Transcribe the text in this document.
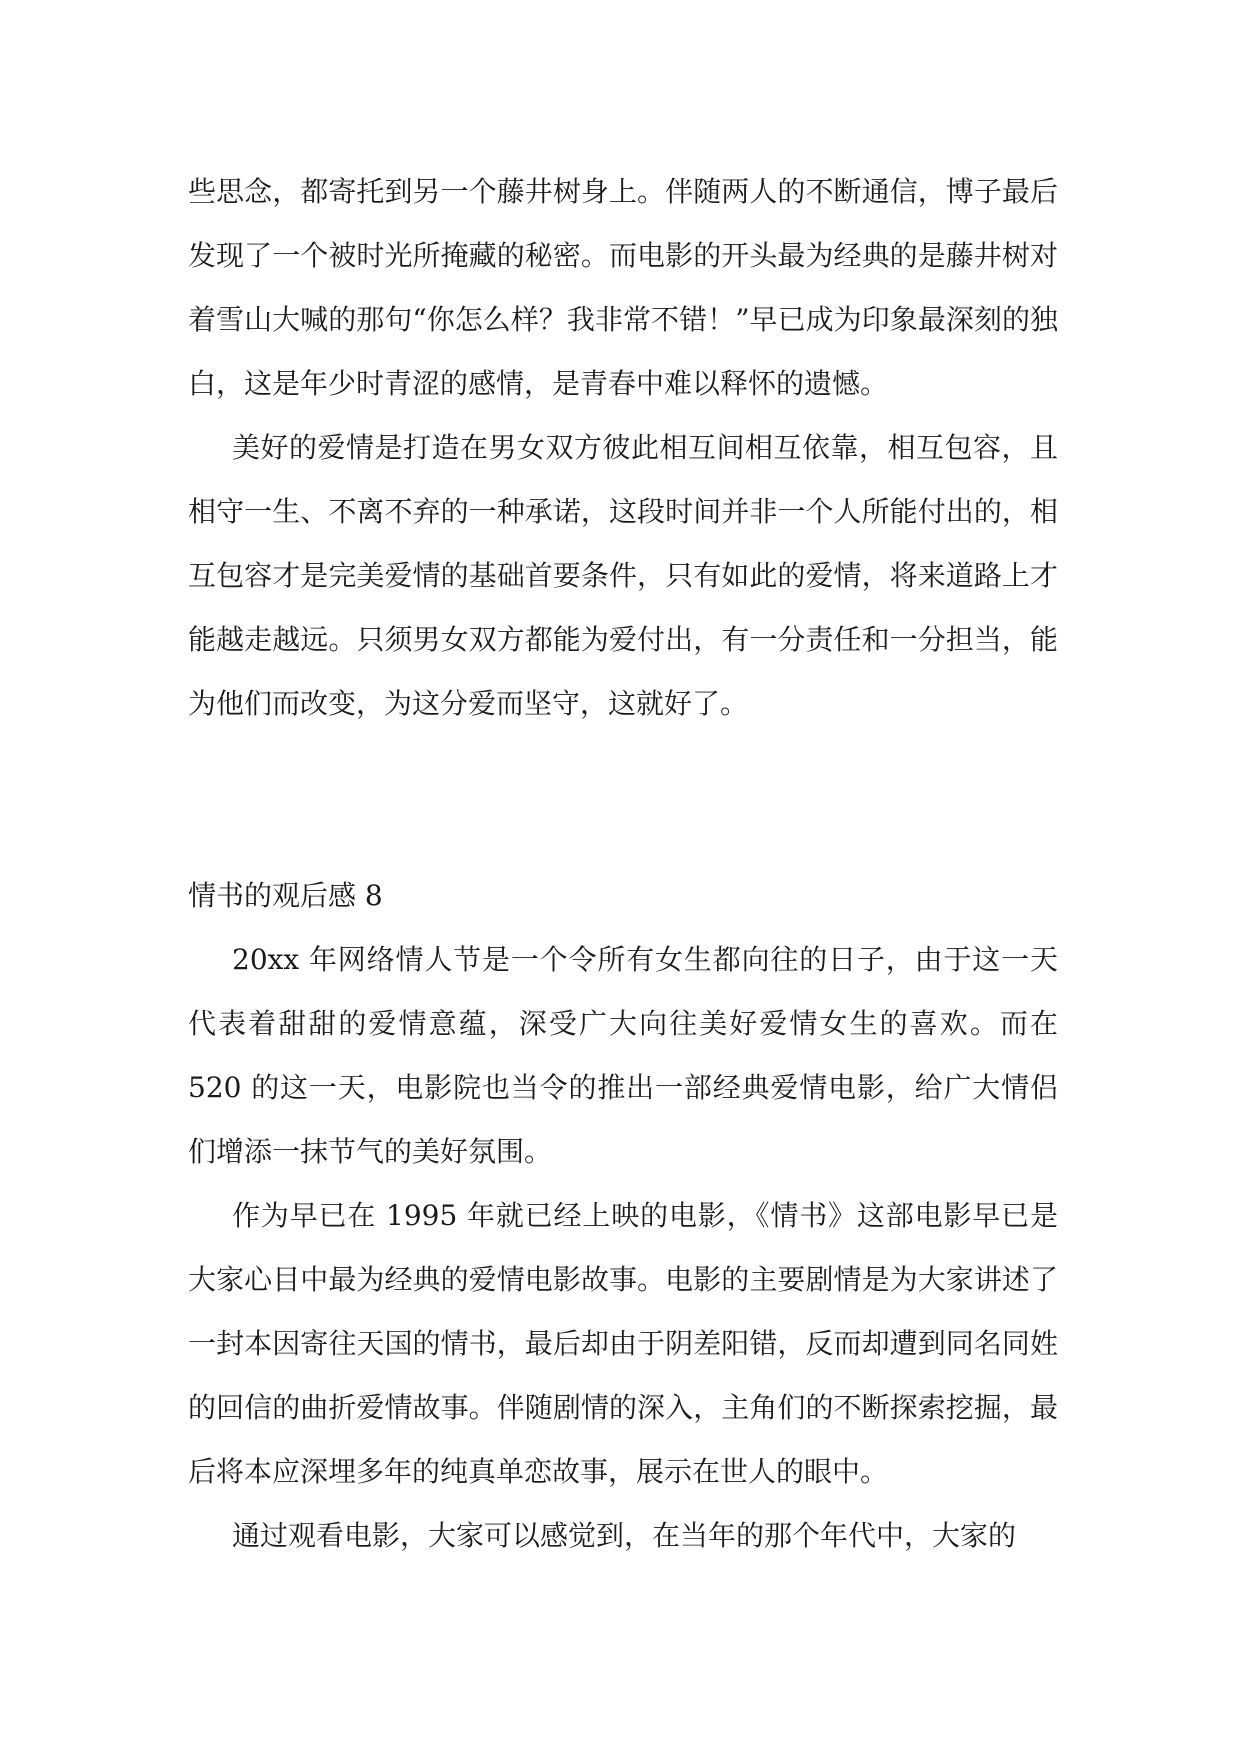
些思念，都寄托到另一个藤井树身上。伴随两人的不断通信，博子最后发现了一个被时光所掩藏的秘密。而电影的开头最为经典的是藤井树对着雪山大喊的那句“你怎么样？我非常不错！”早已成为印象最深刻的独白，这是年少时青涩的感情，是青春中难以释怀的遗憾。

美好的爱情是打造在男女双方彼此相互间相互依靠，相互包容，且相守一生、不离不弃的一种承诺，这段时间并非一个人所能付出的，相互包容才是完美爱情的基础首要条件，只有如此的爱情，将来道路上才能越走越远。只须男女双方都能为爱付出，有一分责任和一分担当，能为他们而改变，为这分爱而坚守，这就好了。

情书的观后感 8

20xx 年网络情人节是一个令所有女生都向往的日子，由于这一天代表着甜甜的爱情意蕴，深受广大向往美好爱情女生的喜欢。而在 520 的这一天，电影院也当令的推出一部经典爱情电影，给广大情侣们增添一抹节气的美好氛围。

作为早已在 1995 年就已经上映的电影，《情书》这部电影早已是大家心目中最为经典的爱情电影故事。电影的主要剧情是为大家讲述了一封本因寄往天国的情书，最后却由于阴差阳错，反而却遭到同名同姓的回信的曲折爱情故事。伴随剧情的深入，主角们的不断探索挖掘，最后将本应深埋多年的纯真单恋故事，展示在世人的眼中。

通过观看电影，大家可以感觉到，在当年的那个年代中，大家的
